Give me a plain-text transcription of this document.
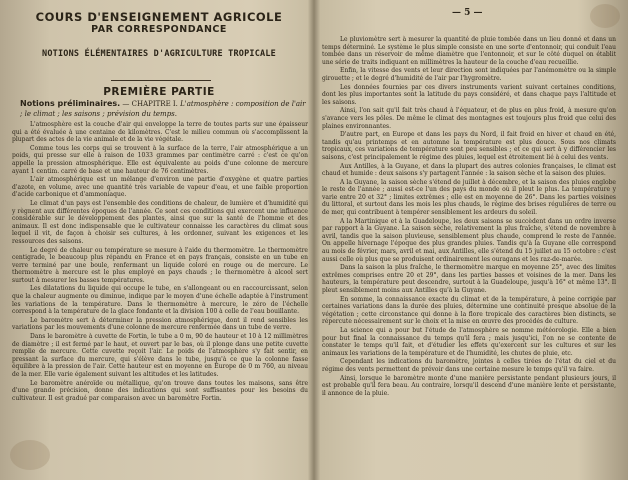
COURS D'ENSEIGNEMENT AGRICOLE
PAR CORRESPONDANCE
NOTIONS ÉLÉMENTAIRES D'AGRICULTURE TROPICALE
PREMIÈRE PARTIE
Notions préliminaires. — CHAPITRE I. L'atmosphère : composition de l'air ; le climat ; les saisons ; prévision du temps.

L'atmosphère est la couche d'air qui enveloppe la terre de toutes parts sur une épaisseur qui a été évaluée à une centaine de kilomètres. C'est le milieu commun où s'accomplissent la plupart des actes de la vie animale et de la vie végétale.

Comme tous les corps qui se trouvent à la surface de la terre, l'air atmosphérique a un poids, qui presse sur elle à raison de 1033 grammes par centimètre carré : c'est ce qu'on appelle la pression atmosphérique. Elle est équivalente au poids d'une colonne de mercure ayant 1 centim. carré de base et une hauteur de 76 centimètres.

L'air atmosphérique est un mélange d'environ une partie d'oxygène et quatre parties d'azote, en volume, avec une quantité très variable de vapeur d'eau, et une faible proportion d'acide carbonique et d'ammoniaque.

Le climat d'un pays est l'ensemble des conditions de chaleur, de lumière et d'humidité qui y règnent aux différentes époques de l'année. Ce sont ces conditions qui exercent une influence considérable sur le développement des plantes, ainsi que sur la santé de l'homme et des animaux. Il est donc indispensable que le cultivateur connaisse les caractères du climat sous lequel il vit, de façon à choisir ses cultures, à les ordonner, suivant les exigences et les ressources des saisons.

Le degré de chaleur ou température se mesure à l'aide du thermomètre. Le thermomètre centigrade, le beaucoup plus répandu en France et en pays français, consiste en un tube en verre terminé par une boule, renfermant un liquide coloré en rouge ou de mercure. Le thermomètre à mercure est le plus employé en pays chauds ; le thermomètre à alcool sert surtout à mesurer les basses températures.

Les dilatations du liquide qui occupe le tube, en s'allongeant ou en raccourcissant, selon que la chaleur augmente ou diminue, indique par le moyen d'une échelle adaptée à l'instrument les variations de la température. Dans le thermomètre à mercure, le zéro de l'échelle correspond à la température de la glace fondante et la division 100 à celle de l'eau bouillante.

Le baromètre sert à déterminer la pression atmosphérique, dont il rend sensibles les variations par les mouvements d'une colonne de mercure renfermée dans un tube de verre.

Dans le baromètre à cuvette de Fortin, le tube a 0 m, 90 de hauteur et 10 à 12 millimètres de diamètre ; il est fermé par le haut, et ouvert par le bas, où il plonge dans une petite cuvette remplie de mercure. Cette cuvette reçoit l'air. Le poids de l'atmosphère s'y fait sentir, en pressant la surface du mercure, qui s'élève dans le tube, jusqu'à ce que la colonne fasse équilibre à la pression de l'air. Cette hauteur est en moyenne en Europe de 0 m 760, au niveau de la mer. Elle varie également suivant les altitudes et les latitudes.

Le baromètre anéroïde ou métallique, qu'on trouve dans toutes les maisons, sans être d'une grande précision, donne des indications qui sont suffisantes pour les besoins du cultivateur. Il est gradué par comparaison avec un baromètre Fortin.

— 5 —

Le pluviomètre sert à mesurer la quantité de pluie tombée dans un lieu donné et dans un temps déterminé. Le système le plus simple consiste en une sorte d'entonnoir, qui conduit l'eau tombée dans un réservoir de même diamètre que l'entonnoir, et sur le côté duquel on établit une série de traits indiquant en millimètres la hauteur de la couche d'eau recueillie.

Enfin, la vitesse des vents et leur direction sont indiquées par l'anémomètre ou la simple girouette ; et le degré d'humidité de l'air par l'hygromètre.

Les données fournies par ces divers instruments varient suivant certaines conditions, dont les plus importantes sont la latitude du pays considéré, et dans chaque pays l'altitude et les saisons.

Ainsi, l'on sait qu'il fait très chaud à l'équateur, et de plus en plus froid, à mesure qu'on s'avance vers les pôles. De même le climat des montagnes est toujours plus froid que celui des plaines environnantes.

D'autre part, en Europe et dans les pays du Nord, il fait froid en hiver et chaud en été, tandis qu'au printemps et en automne la température est plus douce. Sous nos climats tropicaux, ces variations de température sont peu sensibles ; et ce qui sert à y différencier les saisons, c'est principalement le régime des pluies, lequel est étroitement lié à celui des vents.

Aux Antilles, à la Guyane, et dans la plupart des autres colonies françaises, le climat est chaud et humide : deux saisons s'y partagent l'année : la saison sèche et la saison des pluies.

A la Guyane, la saison sèche s'étend de juillet à décembre, et la saison des pluies englobe le reste de l'année ; aussi est-ce l'un des pays du monde où il pleut le plus. La température y varie entre 20 et 32° ; limites extrêmes ; elle est en moyenne de 26°. Dans les parties voisines du littoral, et surtout dans les mois les plus chauds, le régime des brises régulières de terre ou de mer, qui contribuent à tempérer sensiblement les ardeurs du soleil.

A la Martinique et à la Guadeloupe, les deux saisons se succèdent dans un ordre inverse par rapport à la Guyane. La saison sèche, relativement la plus fraîche, s'étend de novembre à avril, tandis que la saison pluvieuse, sensiblement plus chaude, comprend le reste de l'année. On appelle hivernage l'époque des plus grandes pluies. Tandis qu'à la Guyane elle correspond au mois de février, mars, avril et mai, aux Antilles, elle s'étend du 15 juillet au 15 octobre : c'est aussi celle où plus que se produisent ordinairement les ouragans et les raz-de-marée.

Dans la saison la plus fraîche, le thermomètre marque en moyenne 25°, avec des limites extrêmes comprises entre 20 et 29°, dans les parties basses et voisines de la mer. Dans les hauteurs, la température peut descendre, surtout à la Guadeloupe, jusqu'à 16° et même 13°. Il pleut sensiblement moins aux Antilles qu'à la Guyane.

En somme, la connaissance exacte du climat et de la température, à peine corrigée par certaines variations dans la durée des pluies, détermine une continuité presque absolue de la végétation ; cette circonstance qui donne à la flore tropicale des caractères bien distincts, se répercute nécessairement sur le choix et la mise en œuvre des procédés de culture.

La science qui a pour but l'étude de l'atmosphère se nomme météorologie. Elle a bien pour but final la connaissance du temps qu'il fera ; mais jusqu'ici, l'on ne se contente de constater le temps qu'il fait, et d'étudier les effets qu'exercent sur les cultures et sur les animaux les variations de la température et de l'humidité, les chutes de pluie, etc.

Cependant les indications du baromètre, jointes à celles tirées de l'état du ciel et du régime des vents permettent de prévoir dans une certaine mesure le temps qu'il va faire.

Ainsi, lorsque le baromètre monte d'une manière persistante pendant plusieurs jours, il est probable qu'il fera beau. Au contraire, lorsqu'il descend d'une manière lente et persistante, il annonce de la pluie.
